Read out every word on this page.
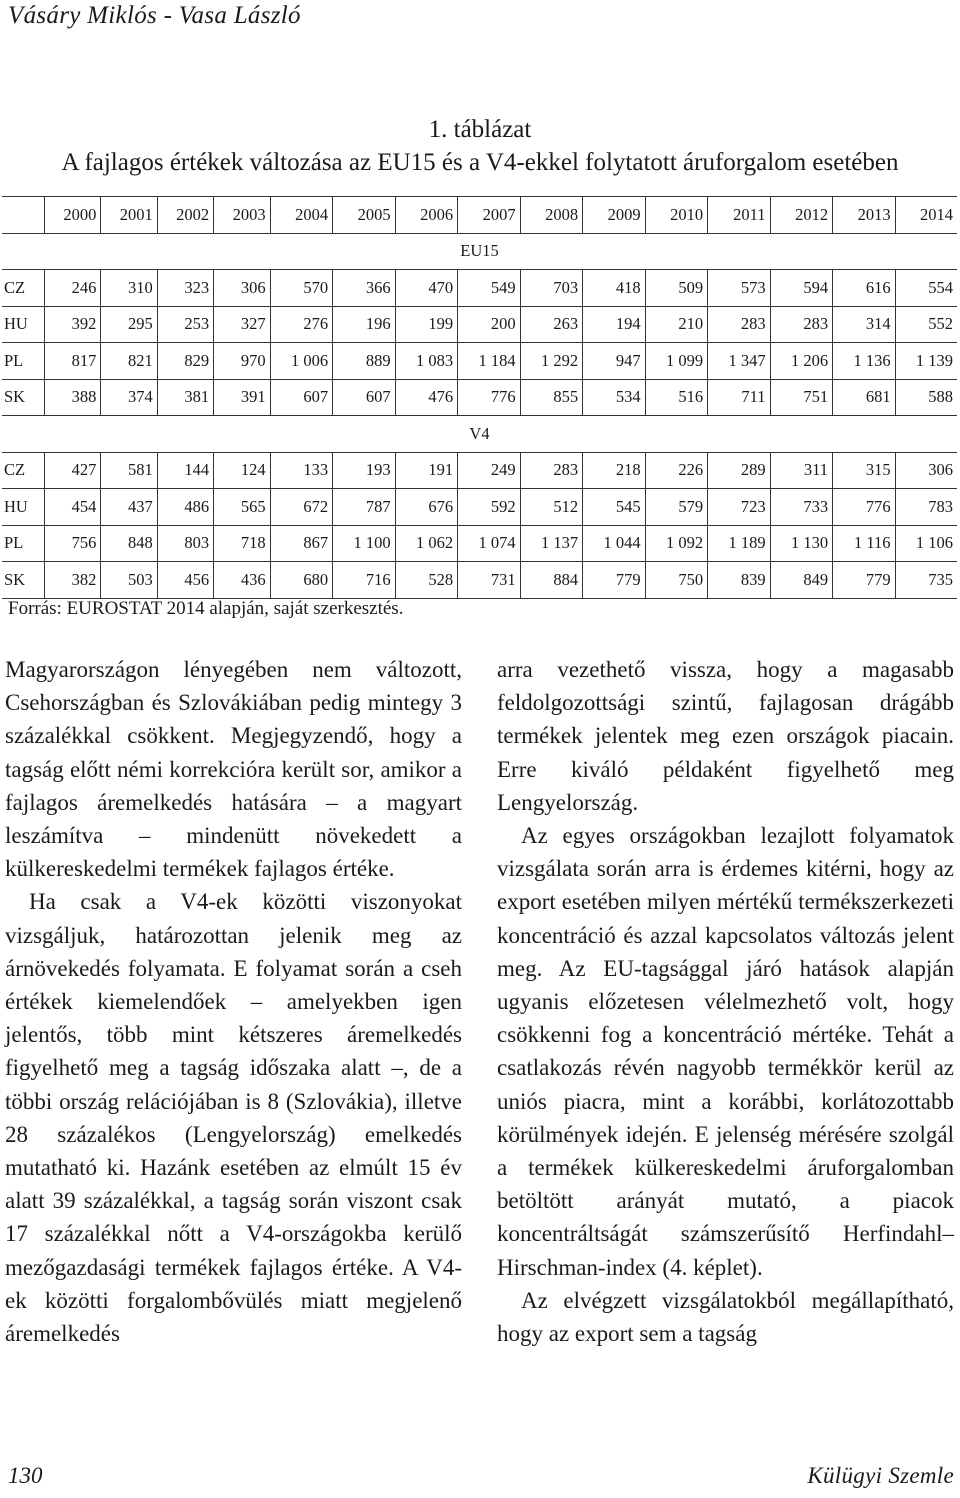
Vásáry Miklós - Vasa László
1. táblázat
A fajlagos értékek változása az EU15 és a V4-ekkel folytatott áruforgalom esetében
	2000	2001	2002	2003	2004	2005	2006	2007	2008	2009	2010	2011	2012	2013	2014
EU15															
CZ	246	310	323	306	570	366	470	549	703	418	509	573	594	616	554
HU	392	295	253	327	276	196	199	200	263	194	210	283	283	314	552
PL	817	821	829	970	1 006	889	1 083	1 184	1 292	947	1 099	1 347	1 206	1 136	1 139
SK	388	374	381	391	607	607	476	776	855	534	516	711	751	681	588
V4															
CZ	427	581	144	124	133	193	191	249	283	218	226	289	311	315	306
HU	454	437	486	565	672	787	676	592	512	545	579	723	733	776	783
PL	756	848	803	718	867	1 100	1 062	1 074	1 137	1 044	1 092	1 189	1 130	1 116	1 106
SK	382	503	456	436	680	716	528	731	884	779	750	839	849	779	735
Forrás: EUROSTAT 2014 alapján, saját szerkesztés.

Magyarországon lényegében nem változott, Csehországban és Szlovákiában pedig mintegy 3 százalékkal csökkent. Megjegyzendő, hogy a tagság előtt némi korrekcióra került sor, amikor a fajlagos áremelkedés hatására – a magyart leszámítva – mindenütt növekedett a külkereskedelmi termékek fajlagos értéke.

Ha csak a V4-ek közötti viszonyokat vizsgáljuk, határozottan jelenik meg az árnövekedés folyamata. E folyamat során a cseh értékek kiemelendőek – amelyekben igen jelentős, több mint kétszeres áremelkedés figyelhető meg a tagság időszaka alatt –, de a többi ország relációjában is 8 (Szlovákia), illetve 28 százalékos (Lengyelország) emelkedés mutatható ki. Hazánk esetében az elmúlt 15 év alatt 39 százalékkal, a tagság során viszont csak 17 százalékkal nőtt a V4-országokba kerülő mezőgazdasági termékek fajlagos értéke. A V4-ek közötti forgalombővülés miatt megjelenő áremelkedés

arra vezethető vissza, hogy a magasabb feldolgozottsági szintű, fajlagosan drágább termékek jelentek meg ezen országok piacain. Erre kiváló példaként figyelhető meg Lengyelország.

Az egyes országokban lezajlott folyamatok vizsgálata során arra is érdemes kitérni, hogy az export esetében milyen mértékű termékszerkezeti koncentráció és azzal kapcsolatos változás jelent meg. Az EU-tagsággal járó hatások alapján ugyanis előzetesen vélelmezhető volt, hogy csökkenni fog a koncentráció mértéke. Tehát a csatlakozás révén nagyobb termékkör kerül az uniós piacra, mint a korábbi, korlátozottabb körülmények idején. E jelenség mérésére szolgál a termékek külkereskedelmi áruforgalomban betöltött arányát mutató, a piacok koncentráltságát számszerűsítő Herfindahl–Hirschman-index (4. képlet).

Az elvégzett vizsgálatokból megállapítható, hogy az export sem a tagság

130	Külügyi Szemle
